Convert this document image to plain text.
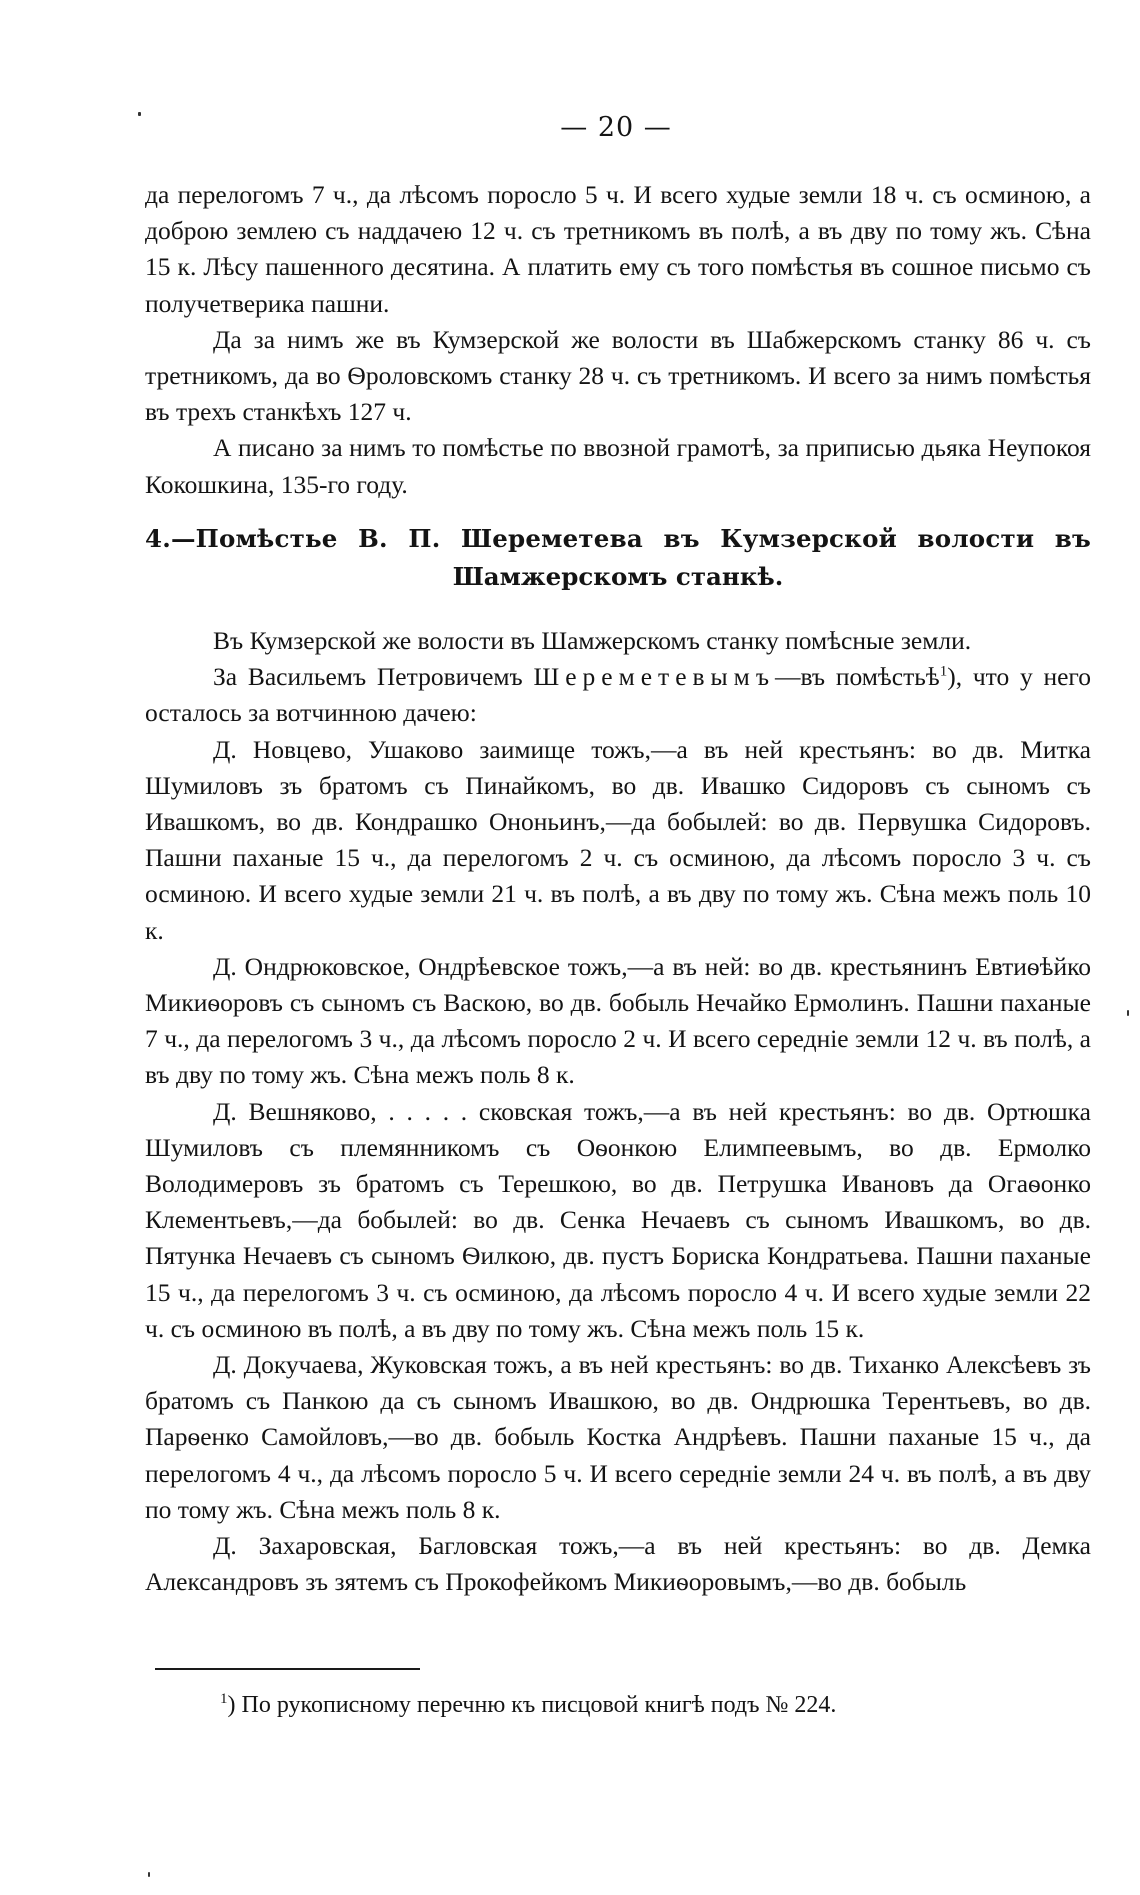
— 20 —

да перелогомъ 7 ч., да лѣсомъ поросло 5 ч. И всего худые земли 18 ч. съ осминою, а доброю землею съ наддачею 12 ч. съ третникомъ въ полѣ, а въ дву по тому жъ. Сѣна 15 к. Лѣсу пашенного десятина. А платить ему съ того помѣстья въ сошное письмо съ получетверика пашни.

Да за нимъ же въ Кумзерской же волости въ Шабжерскомъ станку 86 ч. съ третникомъ, да во Ѳроловскомъ станку 28 ч. съ третникомъ. И всего за нимъ помѣстья въ трехъ станкѣхъ 127 ч.

А писано за нимъ то помѣстье по ввозной грамотѣ, за приписью дьяка Неупокоя Кокошкина, 135-го году.

4.—Помѣстье В. П. Шереметева въ Кумзерской волости въ
Шамжерскомъ станкѣ.

Въ Кумзерской же волости въ Шамжерскомъ станку помѣсные земли.

За Васильемъ Петровичемъ Шереметевымъ—въ помѣстьѣ$^1$), что у него осталось за вотчинною дачею:

Д. Новцево, Ушаково заимище тожъ,—а въ ней крестьянъ: во дв. Митка Шумиловъ зъ братомъ съ Пинайкомъ, во дв. Ивашко Сидоровъ съ сыномъ съ Ивашкомъ, во дв. Кондрашко Ононьинъ,—да бобылей: во дв. Первушка Сидоровъ. Пашни паханые 15 ч., да перелогомъ 2 ч. съ осминою, да лѣсомъ поросло 3 ч. съ осминою. И всего худые земли 21 ч. въ полѣ, а въ дву по тому жъ. Сѣна межъ поль 10 к.

Д. Ондрюковское, Ондрѣевское тожъ,—а въ ней: во дв. крестьянинъ Евтиѳѣйко Микиѳоровъ съ сыномъ съ Васкою, во дв. бобыль Нечайко Ермолинъ. Пашни паханые 7 ч., да перелогомъ 3 ч., да лѣсомъ поросло 2 ч. И всего середнiе земли 12 ч. въ полѣ, а въ дву по тому жъ. Сѣна межъ поль 8 к.

Д. Вешняково, . . . . . сковская тожъ,—а въ ней крестьянъ: во дв. Ортюшка Шумиловъ съ племянникомъ съ Оѳонкою Елимпеевымъ, во дв. Ермолко Володимеровъ зъ братомъ съ Терешкою, во дв. Петрушка Ивановъ да Огаѳонко Клементьевъ,—да бобылей: во дв. Сенка Нечаевъ съ сыномъ Ивашкомъ, во дв. Пятунка Нечаевъ съ сыномъ Ѳилкою, дв. пустъ Бориска Кондратьева. Пашни паханые 15 ч., да перелогомъ 3 ч. съ осминою, да лѣсомъ поросло 4 ч. И всего худые земли 22 ч. съ осминою въ полѣ, а въ дву по тому жъ. Сѣна межъ поль 15 к.

Д. Докучаева, Жуковская тожъ, а въ ней крестьянъ: во дв. Тиханко Алексѣевъ зъ братомъ съ Панкою да съ сыномъ Ивашкою, во дв. Ондрюшка Терентьевъ, во дв. Парѳенко Самойловъ,—во дв. бобыль Костка Андрѣевъ. Пашни паханые 15 ч., да перелогомъ 4 ч., да лѣсомъ поросло 5 ч. И всего середнiе земли 24 ч. въ полѣ, а въ дву по тому жъ. Сѣна межъ поль 8 к.

Д. Захаровская, Багловская тожъ,—а въ ней крестьянъ: во дв. Демка Александровъ зъ зятемъ съ Прокофейкомъ Микиѳоровымъ,—во дв. бобыль

$^1$) По рукописному перечню къ писцовой книгѣ подъ № 224.
